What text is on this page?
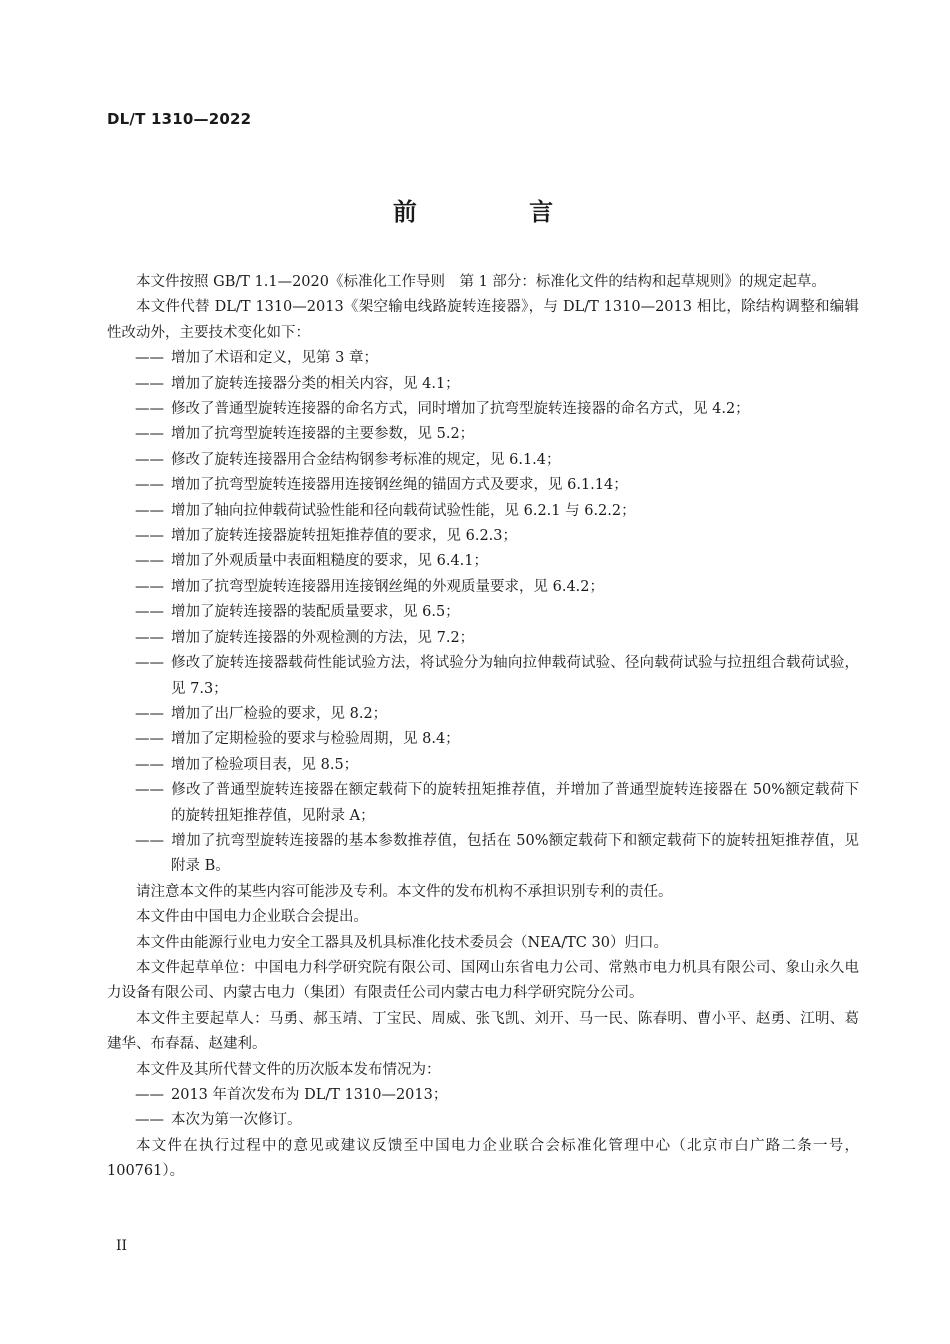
DL/T 1310—2022
前 言

本文件按照 GB/T 1.1—2020《标准化工作导则　第 1 部分：标准化文件的结构和起草规则》的规定起草。

本文件代替 DL/T 1310—2013《架空输电线路旋转连接器》，与 DL/T 1310—2013 相比，除结构调整和编辑性改动外，主要技术变化如下：

—— 增加了术语和定义，见第 3 章；

—— 增加了旋转连接器分类的相关内容，见 4.1；

—— 修改了普通型旋转连接器的命名方式，同时增加了抗弯型旋转连接器的命名方式，见 4.2；

—— 增加了抗弯型旋转连接器的主要参数，见 5.2；

—— 修改了旋转连接器用合金结构钢参考标准的规定，见 6.1.4；

—— 增加了抗弯型旋转连接器用连接钢丝绳的锚固方式及要求，见 6.1.14；

—— 增加了轴向拉伸载荷试验性能和径向载荷试验性能，见 6.2.1 与 6.2.2；

—— 增加了旋转连接器旋转扭矩推荐值的要求，见 6.2.3；

—— 增加了外观质量中表面粗糙度的要求，见 6.4.1；

—— 增加了抗弯型旋转连接器用连接钢丝绳的外观质量要求，见 6.4.2；

—— 增加了旋转连接器的装配质量要求，见 6.5；

—— 增加了旋转连接器的外观检测的方法，见 7.2；

—— 修改了旋转连接器载荷性能试验方法，将试验分为轴向拉伸载荷试验、径向载荷试验与拉扭组合载荷试验，见 7.3；

—— 增加了出厂检验的要求，见 8.2；

—— 增加了定期检验的要求与检验周期，见 8.4；

—— 增加了检验项目表，见 8.5；

—— 修改了普通型旋转连接器在额定载荷下的旋转扭矩推荐值，并增加了普通型旋转连接器在 50%额定载荷下的旋转扭矩推荐值，见附录 A；

—— 增加了抗弯型旋转连接器的基本参数推荐值，包括在 50%额定载荷下和额定载荷下的旋转扭矩推荐值，见附录 B。

请注意本文件的某些内容可能涉及专利。本文件的发布机构不承担识别专利的责任。

本文件由中国电力企业联合会提出。

本文件由能源行业电力安全工器具及机具标准化技术委员会（NEA/TC 30）归口。

本文件起草单位：中国电力科学研究院有限公司、国网山东省电力公司、常熟市电力机具有限公司、象山永久电力设备有限公司、内蒙古电力（集团）有限责任公司内蒙古电力科学研究院分公司。

本文件主要起草人：马勇、郝玉靖、丁宝民、周威、张飞凯、刘开、马一民、陈春明、曹小平、赵勇、江明、葛建华、布春磊、赵建利。

本文件及其所代替文件的历次版本发布情况为：

—— 2013 年首次发布为 DL/T 1310—2013；

—— 本次为第一次修订。

本文件在执行过程中的意见或建议反馈至中国电力企业联合会标准化管理中心（北京市白广路二条一号，100761）。

II
